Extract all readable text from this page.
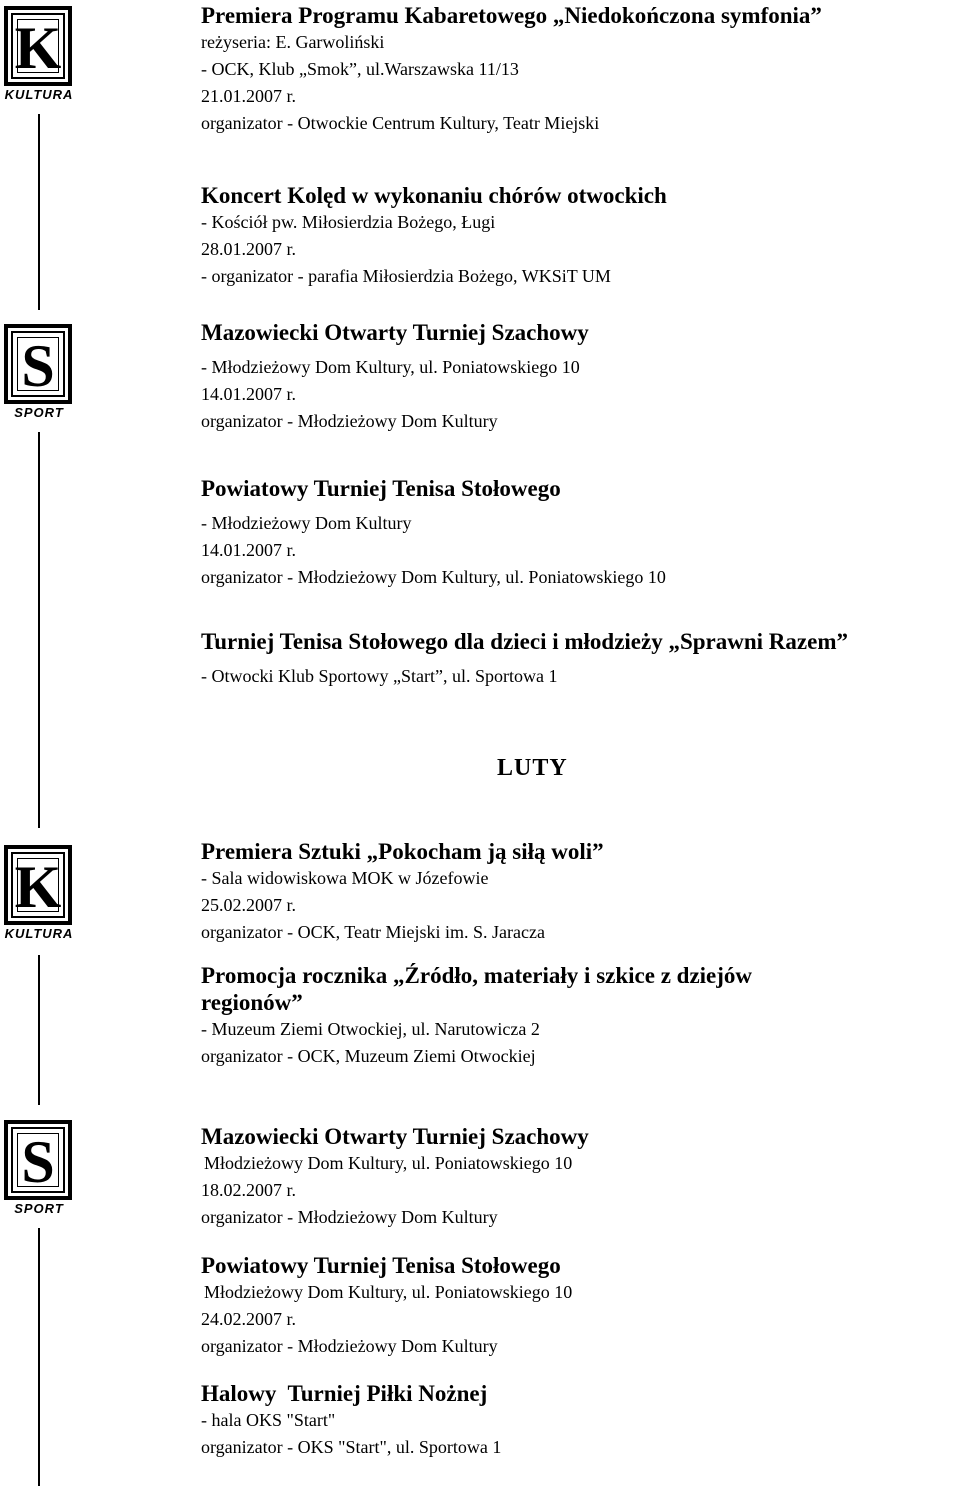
K
KULTURA
S
SPORT
K
KULTURA
S
SPORT

Premiera Programu Kabaretowego „Niedokończona symfonia”

reżyseria: E. Garwoliński

- OCK, Klub „Smok”, ul.Warszawska 11/13

21.01.2007 r.

organizator - Otwockie Centrum Kultury, Teatr Miejski

Koncert Kolęd w wykonaniu chórów otwockich

- Kościół pw. Miłosierdzia Bożego, Ługi

28.01.2007 r.

- organizator - parafia Miłosierdzia Bożego, WKSiT UM

Mazowiecki Otwarty Turniej Szachowy

- Młodzieżowy Dom Kultury, ul. Poniatowskiego 10

14.01.2007 r.

organizator - Młodzieżowy Dom Kultury

Powiatowy Turniej Tenisa Stołowego

- Młodzieżowy Dom Kultury

14.01.2007 r.

organizator - Młodzieżowy Dom Kultury, ul. Poniatowskiego 10

Turniej Tenisa Stołowego dla dzieci i młodzieży „Sprawni Razem”

- Otwocki Klub Sportowy „Start”, ul. Sportowa 1

LUTY

Premiera Sztuki „Pokocham ją siłą woli”

- Sala widowiskowa MOK w Józefowie

25.02.2007 r.

organizator - OCK, Teatr Miejski im. S. Jaracza

Promocja rocznika „Źródło, materiały i szkice z dziejów

regionów”

- Muzeum Ziemi Otwockiej, ul. Narutowicza 2

organizator - OCK, Muzeum Ziemi Otwockiej

Mazowiecki Otwarty Turniej Szachowy

Młodzieżowy Dom Kultury, ul. Poniatowskiego 10

18.02.2007 r.

organizator - Młodzieżowy Dom Kultury

Powiatowy Turniej Tenisa Stołowego

Młodzieżowy Dom Kultury, ul. Poniatowskiego 10

24.02.2007 r.

organizator - Młodzieżowy Dom Kultury

Halowy  Turniej Piłki Nożnej

- hala OKS "Start"

organizator - OKS "Start", ul. Sportowa 1
